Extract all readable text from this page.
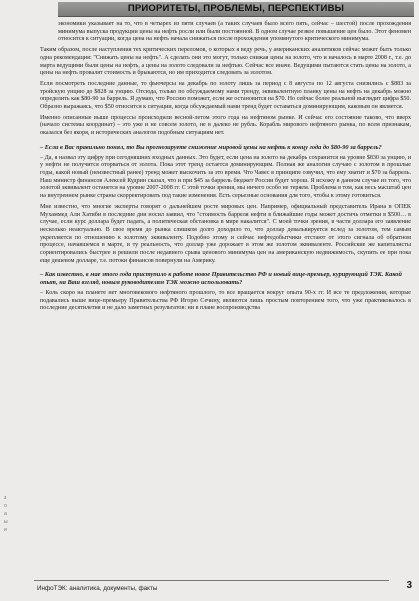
ПРИОРИТЕТЫ, ПРОБЛЕМЫ, ПЕРСПЕКТИВЫ

экономики указывает на то, что в четырех из пяти случаев (а таких случаев было всего пять, сейчас – шестой) после прохождения минимума выпуска продукции цены на нефть росли или были постоянной. В одном случае резкое повышение цен было. Этот феномен относится к ситуации, когда цена на нефть начала снижаться после прохождения упомянутого критического минимума.

Таким образом, после наступления тех критических переломов, о которых я веду речь, у американских аналитиков сейчас может быть только одна рекомендация: "Снижать цены на нефть". А сделать они это могут, только снижая цены на золото, что и началось в марте 2008 г., т.е. до марта ведущими были цены на нефть, а цены на золото следовали за нефтью. Сейчас все иначе. Ведущими пытаются стать цены на золото, а цены на нефть провалят стоимость и брыкаются, но им приходится следовать за золотом.

Если посмотреть последние данные, то фьючерсы на декабрь по золоту лишь за период с 8 августа по 12 августа снизились с $883 за тройскую унцию до $828 за унцию. Отсюда, только по обсуждаемому нами тренду, эквивалентную планку цены на нефть на декабрь можно определить как $80-90 за баррель. Я думаю, что Россию поможет, если же остановится на $70. Но сейчас более реальной выглядит цифра $50. Образно выражаясь, что $50 относится к ситуации, когда обсуждаемый нами тренд будет оставаться доминирующим, каковым он является.

Именно описанные выше процессы происходили весной-летом этого года на нефтяном рынке. И сейчас его состояние таково, что вверх (начало системы координат) – это уже и не совсем золото, не в далеко не рубль. Корабль мирового нефтяного рынка, по всем признакам, оказался без якоря, и исторических аналогов подобным ситуациям нет.

– Если в Вас правильно понял, то Вы прогнозируете снижение мировой цены на нефть к концу года до $80-90 за баррель?

– Да, я назвал эту цифру при сегодняшних входных данных. Это будет, если цена на золото на декабрь сохранится на уровне $830 за унцию, и у нефти не получится оторваться от золота. Пока этот тренд остается доминирующим. Полная же аналогия случаю с золотом в прошлые годы, какой новый (неизвестный ранее) тренд может выскочить за это время. Что Чавес в принципе озвучил, что ему хватит и $70 за баррель. Наш министр финансов Алексей Кудрин сказал, что и при $45 за баррель бюджет России будет хорош. Я исхожу в данном случае из того, что золотой эквивалент останется на уровне 2007-2008 гг. С этой точки зрения, мы ничего особо не теряем. Проблема в том, как весь масштаб цен на внутреннем рынке страны скорректировать под такие изменения. Есть серьезные основания для того, чтобы к этому готовиться.

Мне известно, что многие эксперты говорят о дальнейшем росте мировых цен. Например, официальный представитель Ирана в ОПЕК Мухаммед Али Хатиби в последние дни носил заявил, что "стоимость барреля нефти в ближайшие годы может достичь отметки в $500… в случае, если курс доллара будет падать, а политическая обстановка в мире накалится". С моей точки зрения, в части доллара его заявление несколько неактуально. В свое время до рынка слишком долго доходило то, что доллар девальвируется вслед за золотом, тем самым укрепляется по отношению к золотому эквиваленту. Подобно этому и сейчас нефтедобытчики отстают от этого сигнала об обратном процессе, начавшемся в марте, и ту реальность, что доллар уже дорожает в этом же золотом эквиваленте. Российские же капиталисты сориентировались быстрее и решили после недавнего срыва ценового минимума цен на американскую недвижимость, скупить ее при пока еще дешевом долларе, т.е. потоки финансов повернули на Америку.

– Как известно, в мае этого года приступило к работе новое Правительство РФ и новый вице-премьер, курирующий ТЭК. Какой опыт, на Ваш взгляд, новым руководителям ТЭК можно использовать?

– Коль скоро на планете нет многовекового нефтяного прошлого, то все вращается вокруг опыта 90-х гг. И все те предложения, которые подавались выше вице-премьеру Правительства РФ Игорю Сечину, являются лишь простым повторением того, что уже практиковалось в последние десятилетия и не дало заметных результатов: ни в плане воспроизводства

з
о
а
ы
и
ИнфоТЭК: аналитика, документы, факты	3
